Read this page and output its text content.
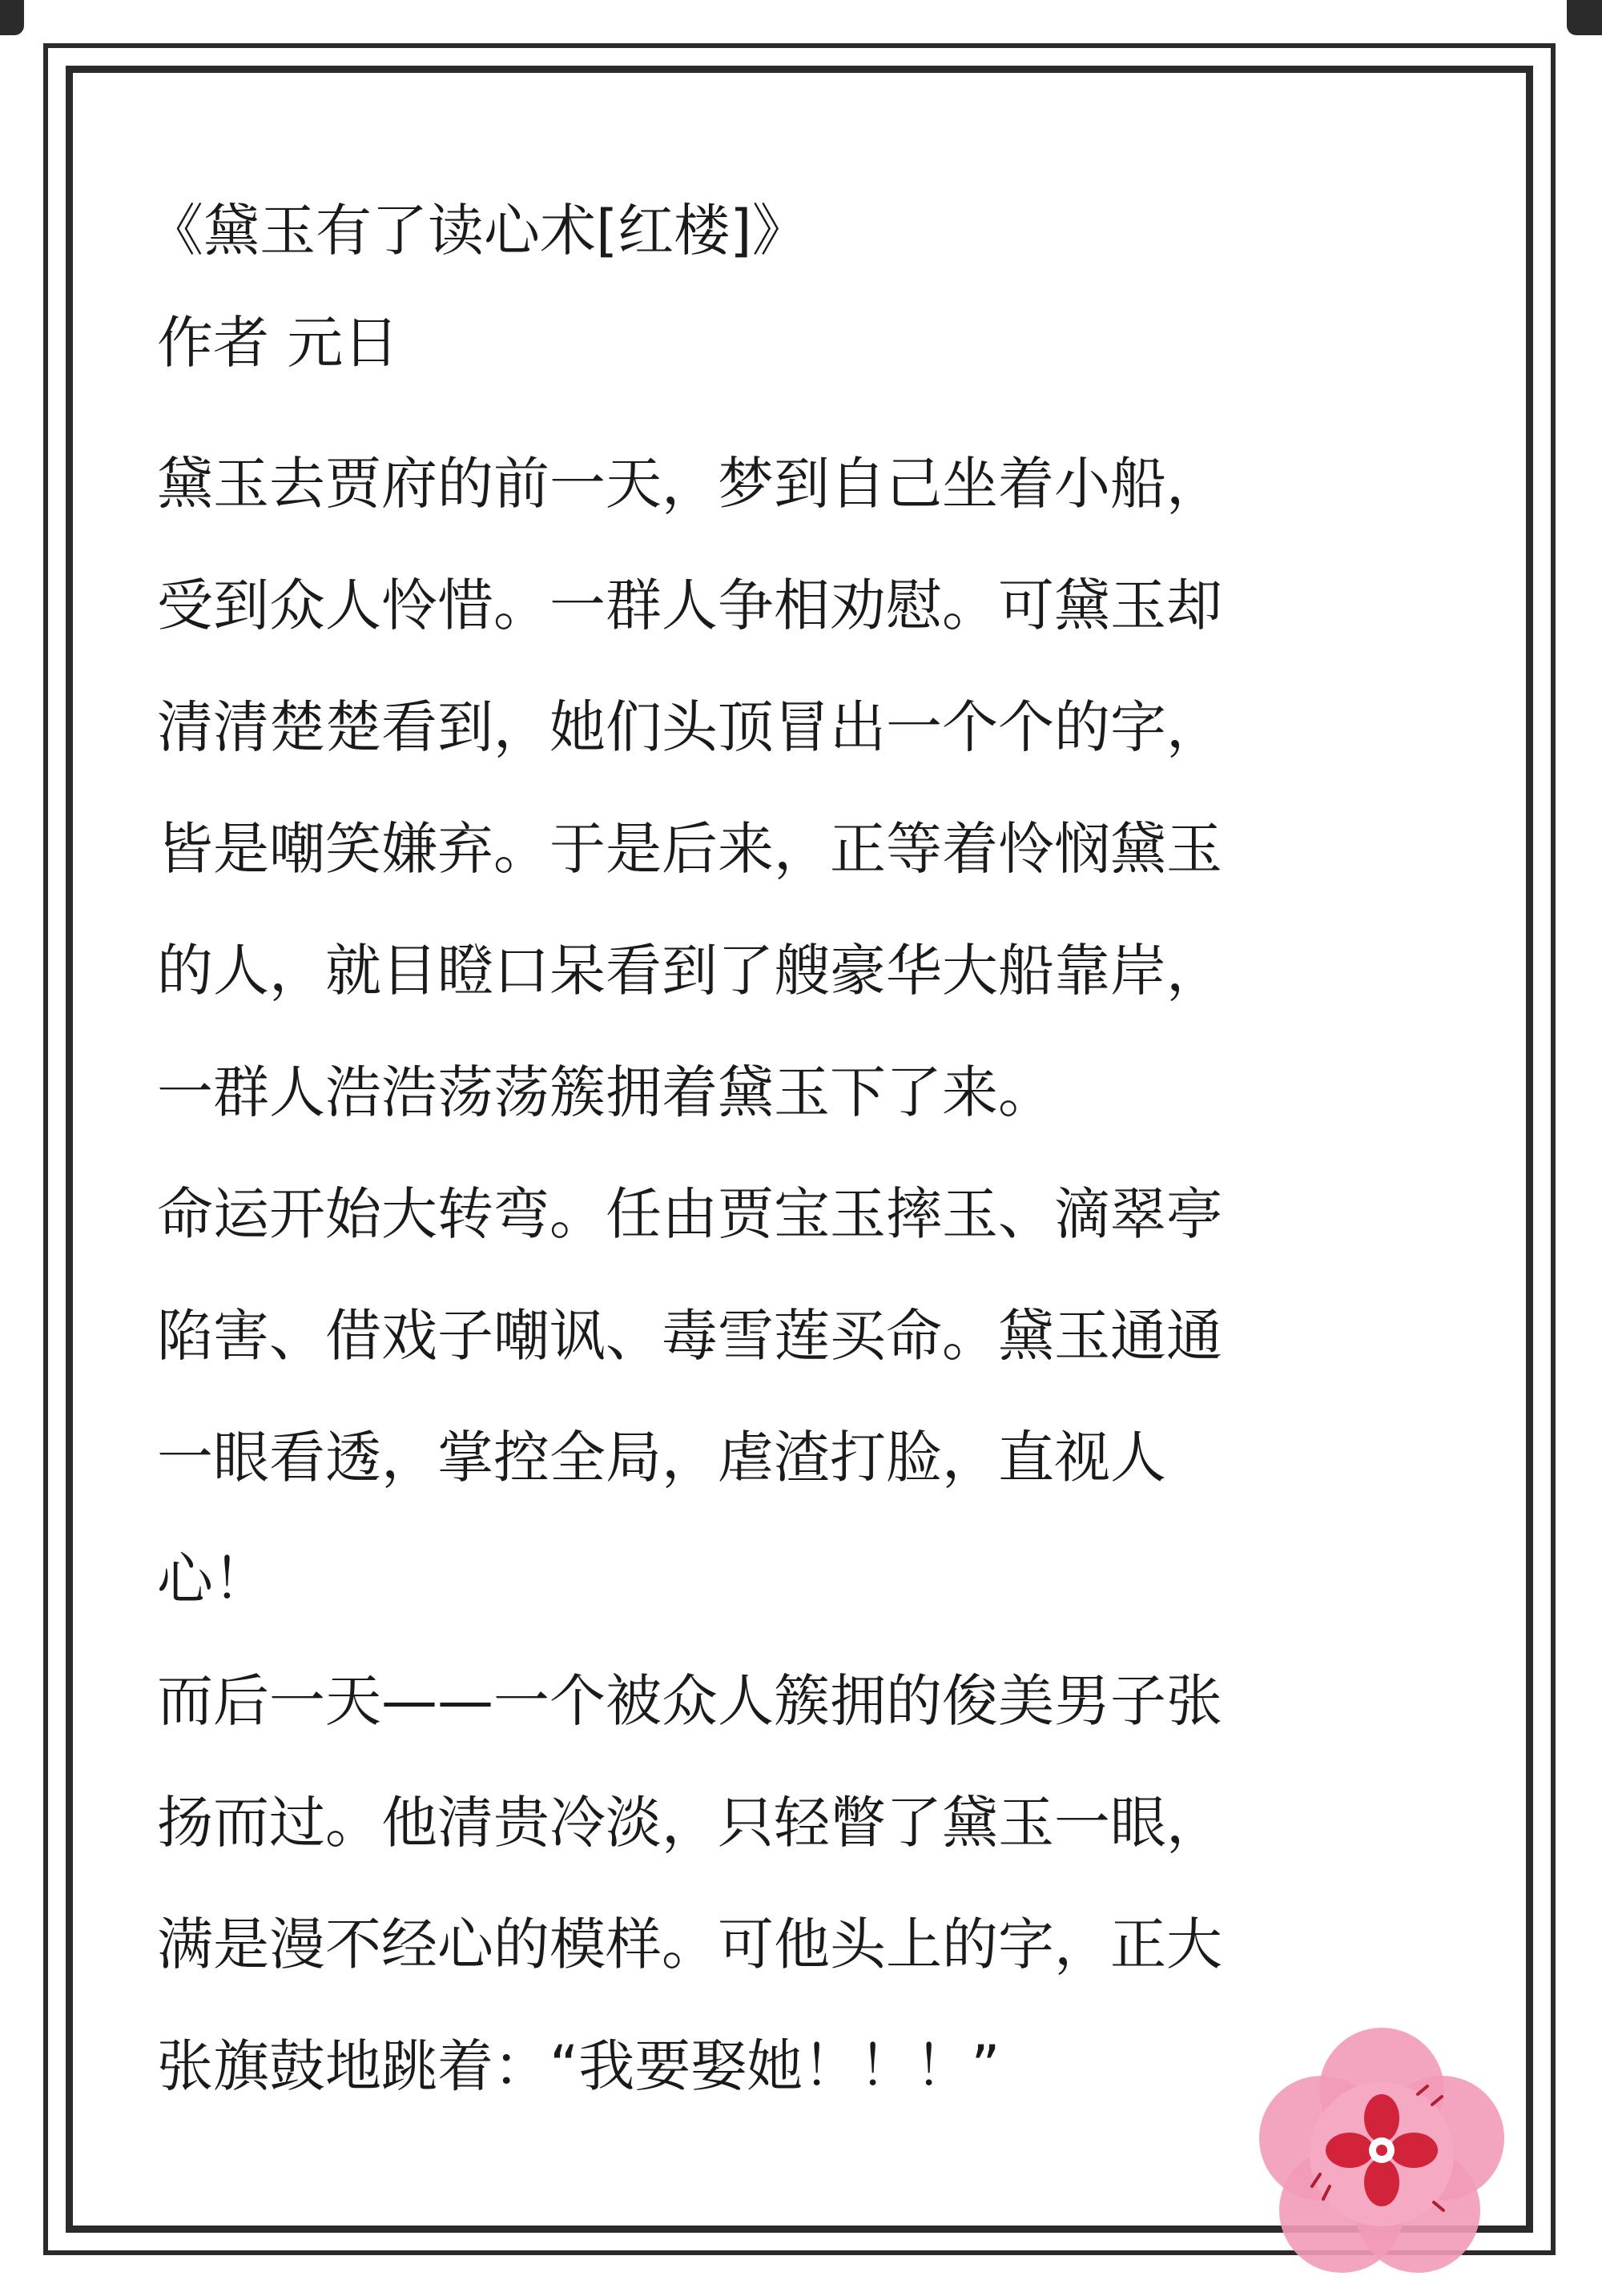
《黛玉有了读心术[红楼]》
作者 元日
黛玉去贾府的前一天，梦到自己坐着小船，
受到众人怜惜。一群人争相劝慰。可黛玉却
清清楚楚看到，她们头顶冒出一个个的字，
皆是嘲笑嫌弃。于是后来，正等着怜悯黛玉
的人，就目瞪口呆看到了艘豪华大船靠岸，
一群人浩浩荡荡簇拥着黛玉下了来。
命运开始大转弯。任由贾宝玉摔玉、滴翠亭
陷害、借戏子嘲讽、毒雪莲买命。黛玉通通
一眼看透，掌控全局，虐渣打脸，直视人
心！
而后一天——一个被众人簇拥的俊美男子张
扬而过。他清贵冷淡，只轻瞥了黛玉一眼，
满是漫不经心的模样。可他头上的字，正大
张旗鼓地跳着：“我要娶她！！！”
